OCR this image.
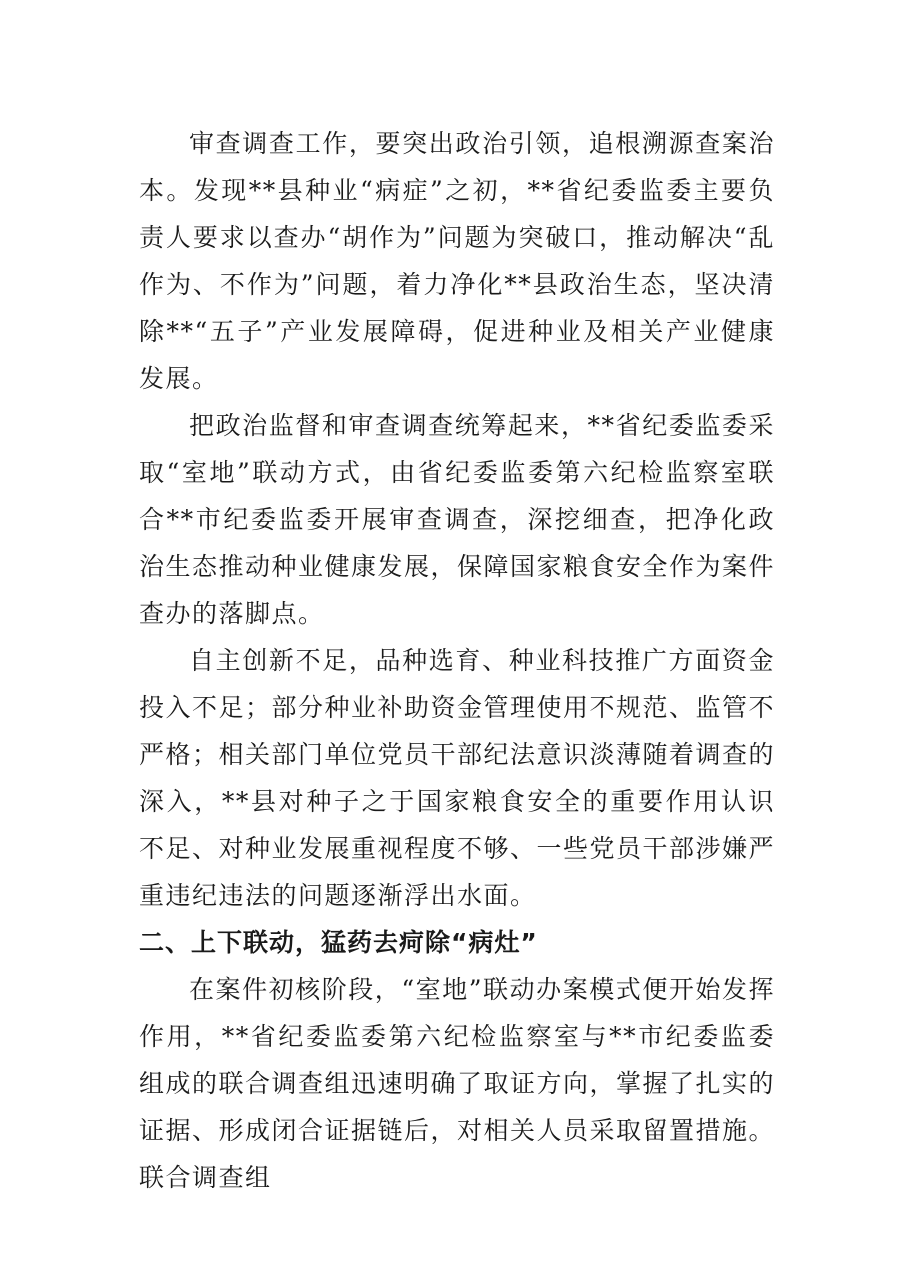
审查调查工作，要突出政治引领，追根溯源查案治本。发现**县种业“病症”之初，**省纪委监委主要负责人要求以查办“胡作为”问题为突破口，推动解决“乱作为、不作为”问题，着力净化**县政治生态，坚决清除**“五子”产业发展障碍，促进种业及相关产业健康发展。

把政治监督和审查调查统筹起来，**省纪委监委采取“室地”联动方式，由省纪委监委第六纪检监察室联合**市纪委监委开展审查调查，深挖细查，把净化政治生态推动种业健康发展，保障国家粮食安全作为案件查办的落脚点。

自主创新不足，品种选育、种业科技推广方面资金投入不足；部分种业补助资金管理使用不规范、监管不严格；相关部门单位党员干部纪法意识淡薄随着调查的深入，**县对种子之于国家粮食安全的重要作用认识不足、对种业发展重视程度不够、一些党员干部涉嫌严重违纪违法的问题逐渐浮出水面。

二、上下联动，猛药去疴除“病灶”

在案件初核阶段，“室地”联动办案模式便开始发挥作用，**省纪委监委第六纪检监察室与**市纪委监委组成的联合调查组迅速明确了取证方向，掌握了扎实的证据、形成闭合证据链后，对相关人员采取留置措施。联合调查组
